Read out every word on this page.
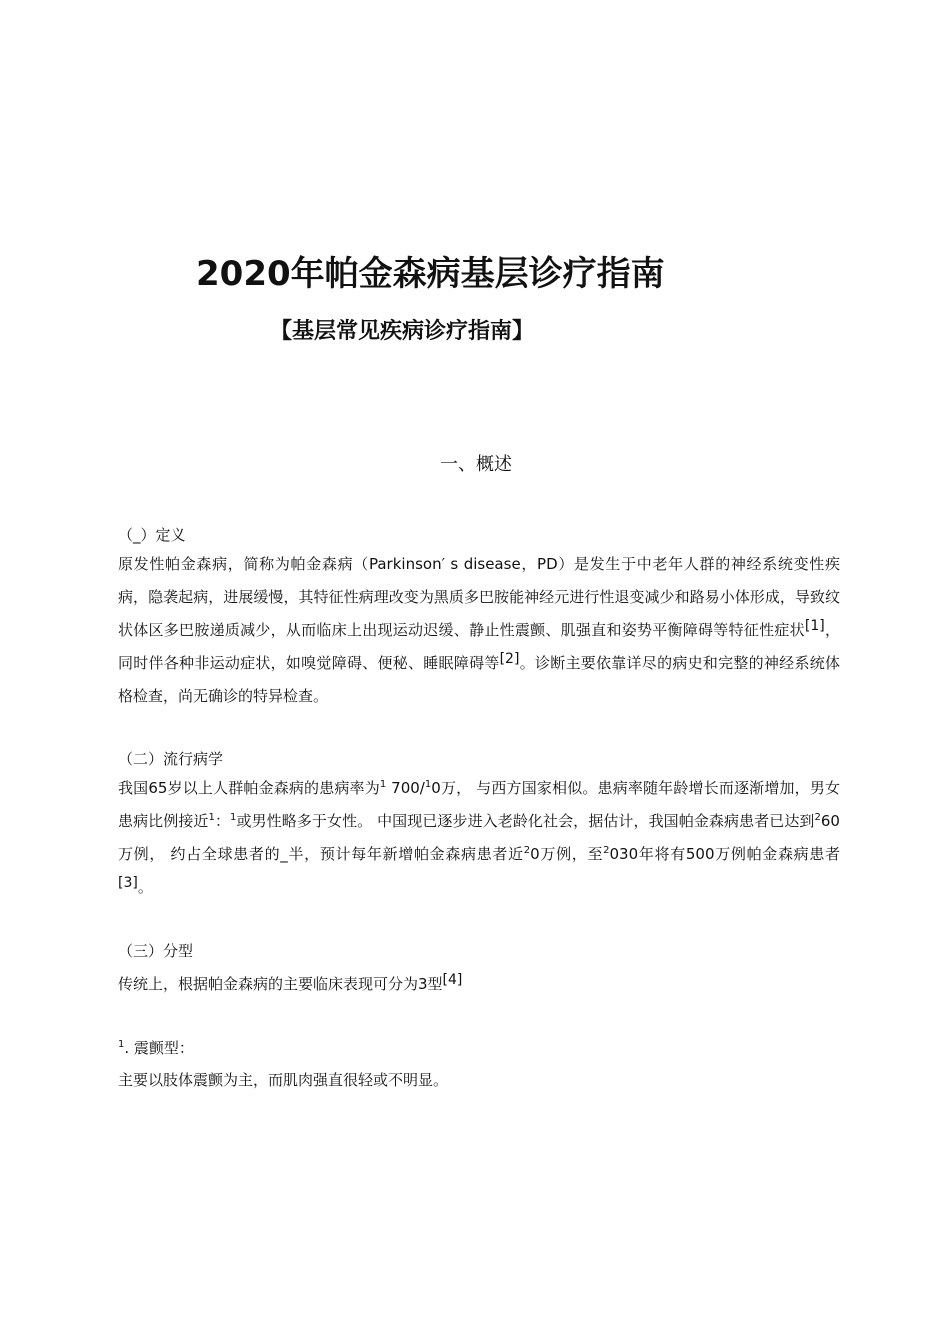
2020年帕金森病基层诊疗指南
【基层常见疾病诊疗指南】
一、概述
（_）定义
原发性帕金森病，简称为帕金森病（Parkinson′ s disease，PD）是发生于中老年人群的神经系统变性疾病，隐袭起病，进展缓慢，其特征性病理改变为黑质多巴胺能神经元进行性退变减少和路易小体形成，导致纹状体区多巴胺递质减少，从而临床上出现运动迟缓、静止性震颤、肌强直和姿势平衡障碍等特征性症状[1]，同时伴各种非运动症状，如嗅觉障碍、便秘、睡眠障碍等[2]。诊断主要依靠详尽的病史和完整的神经系统体格检查，尚无确诊的特异检查。
（二）流行病学
我国65岁以上人群帕金森病的患病率为$^1$ 700/$^1$0万， 与西方国家相似。患病率随年龄增长而逐渐增加，男女患病比例接近$^1$：$^1$或男性略多于女性。 中国现已逐步进入老龄化社会，据估计，我国帕金森病患者已达到$^2$60万例， 约占全球患者的_半，预计每年新增帕金森病患者近$^2$0万例，至$^2$030年将有500万例帕金森病患者[3]。
（三）分型
传统上，根据帕金森病的主要临床表现可分为3型[4]
$^1$. 震颤型：
主要以肢体震颤为主，而肌肉强直很轻或不明显。
